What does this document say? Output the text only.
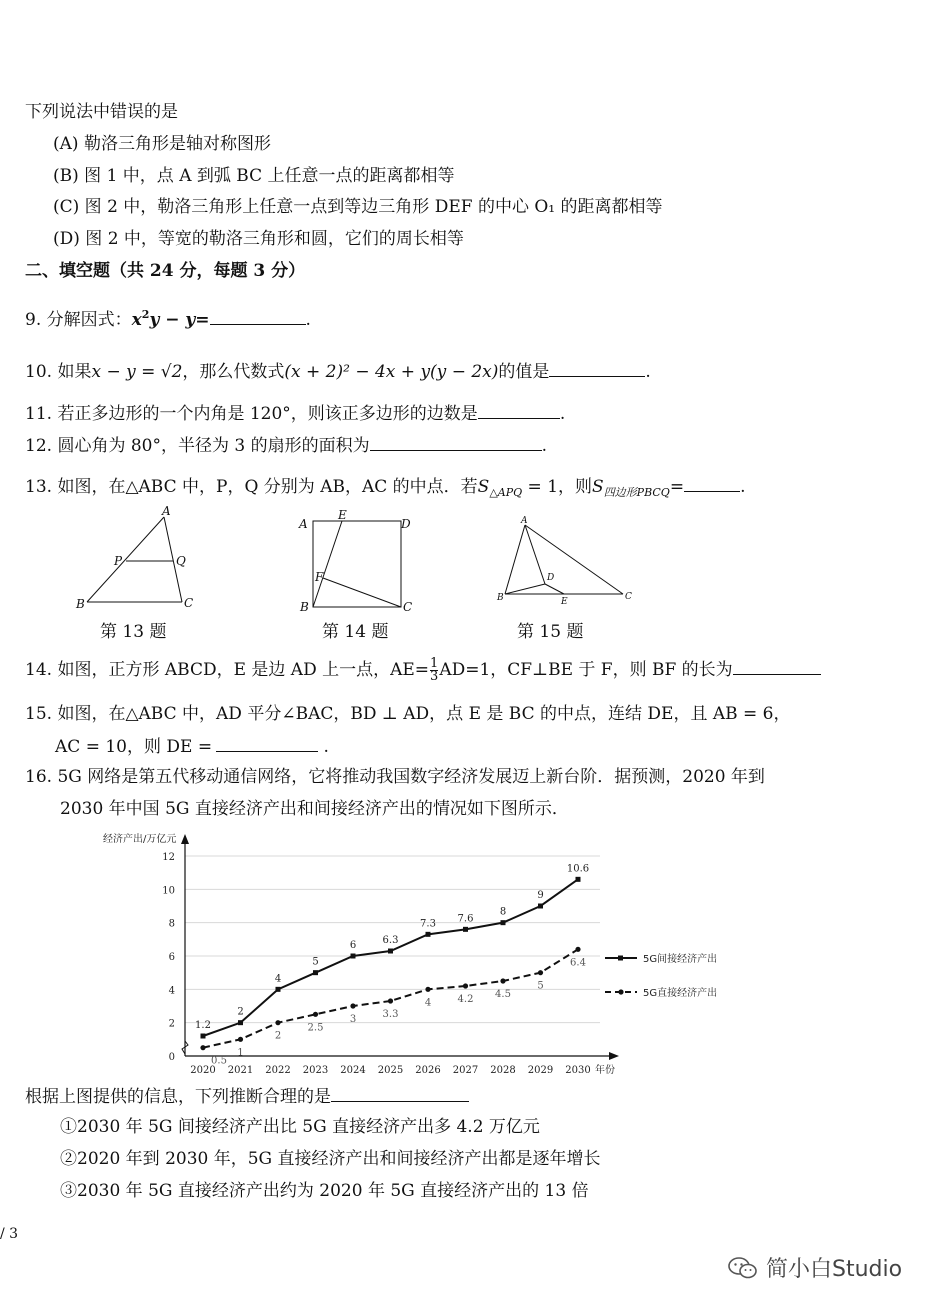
下列说法中错误的是
(A) 勒洛三角形是轴对称图形
(B) 图 1 中，点 A 到弧 BC 上任意一点的距离都相等
(C) 图 2 中，勒洛三角形上任意一点到等边三角形 DEF 的中心 O₁ 的距离都相等
(D) 图 2 中，等宽的勒洛三角形和圆，它们的周长相等
二、填空题（共 24 分，每题 3 分）
9. 分解因式：$x^2y - y=$	.
10. 如果x − y = √2，那么代数式(x + 2)² − 4x + y(y − 2x)的值是	.
11. 若正多边形的一个内角是 120°，则该正多边形的边数是	.
12. 圆心角为 80°，半径为 3 的扇形的面积为	.
13. 如图，在△ABC 中，P，Q 分别为 AB，AC 的中点．若$S_{\triangle APQ} = 1$，则$S_{四边形PBCQ}=$	.
A
P	Q
B	C
第 13 题
A
E
D
F
B	C
第 14 题
A
D
B	E	C
第 15 题
14. 如图，正方形 ABCD，E 是边 AD 上一点，$AE= \frac{1}{3} AD=1$，CF⊥BE 于 F，则 BF 的长为
15. 如图，在△ABC 中，AD 平分∠BAC，BD ⊥ AD，点 E 是 BC 的中点，连结 DE，且 AB = 6，
AC = 10，则 DE =	.
16. 5G 网络是第五代移动通信网络，它将推动我国数字经济发展迈上新台阶．据预测，2020 年到
2030 年中国 5G 直接经济产出和间接经济产出的情况如下图所示．
经济产出/万亿元
0
2
4
6
8
10
12
2020 2021 2022 2023 2024 2025 2026 2027 2028 2029 2030 年份
1.2
2
4
5
6	6.3
7.3 7.6
8
9
10.6
0.5
1
2
2.5
3	3.3
4	4.2 4.5
5
6.4	5G间接经济产出
5G直接经济产出
根据上图提供的信息，下列推断合理的是
①2030 年 5G 间接经济产出比 5G 直接经济产出多 4.2 万亿元
②2020 年到 2030 年，5G 直接经济产出和间接经济产出都是逐年增长
③2030 年 5G 直接经济产出约为 2020 年 5G 直接经济产出的 13 倍
/ 3
简小白Studio
